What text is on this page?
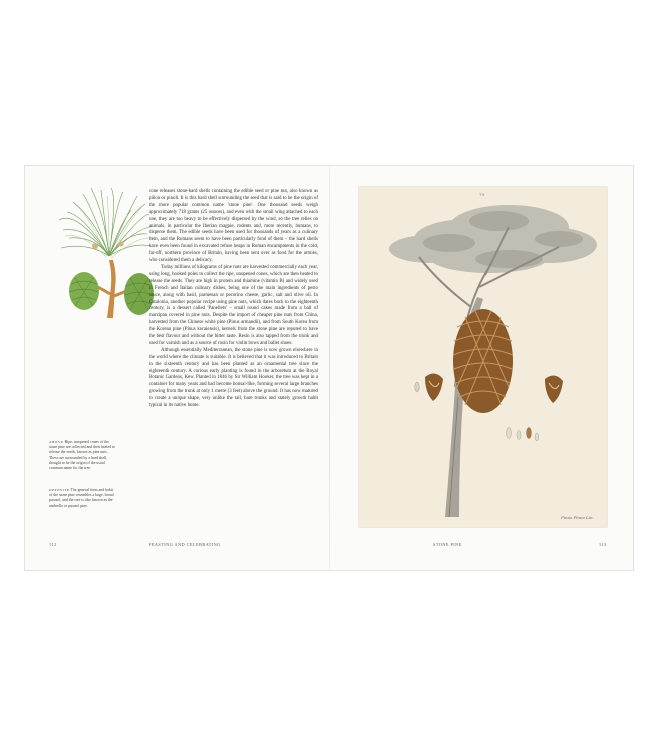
cone releases stone-hard shells containing the edible seed or pine nut, also known as piñon or pinoli. It is this hard shell surrounding the seed that is said to be the origin of the more popular common name 'stone pine'. One thousand seeds weigh approximately 718 grams (25 ounces), and even with the small wing attached to each one, they are too heavy to be effectively dispersed by the wind, so the tree relies on animals, in particular the Iberian magpie, rodents and, more recently, humans, to disperse them. The edible seeds have been used for thousands of years as a culinary item, and the Romans seem to have been particularly fond of them – the hard shells have even been found in excavated refuse heaps in Roman encampments in the cold, far-off, northern province of Britain, having been sent over as food for the armies, who considered them a delicacy.

Today millions of kilograms of pine nuts are harvested commercially each year, using long, hooked poles to collect the ripe, unopened cones, which are then heated to release the seeds. They are high in protein and thiamine (vitamin B) and widely used in French and Italian culinary dishes, being one of the main ingredients of pesto sauce, along with basil, parmesan or pecorino cheese, garlic, salt and olive oil. In Catalonia, another popular recipe using pine nuts, which dates back to the eighteenth century, is a dessert called 'Panellets' – small round cakes made from a ball of marzipan covered in pine nuts. Despite the import of cheaper pine nuts from China, harvested from the Chinese white pine (Pinus armandii), and from South Korea from the Korean pine (Pinus koraiensis), kernels from the stone pine are reputed to have the best flavour and without the bitter taste. Resin is also tapped from the trunk and used for varnish and as a source of rosin for violin bows and ballet shoes.

Although essentially Mediterranean, the stone pine is now grown elsewhere in the world where the climate is suitable. It is believed that it was introduced to Britain in the sixteenth century and has been planted as an ornamental tree since the eighteenth century. A curious early planting is found in the arboretum at the Royal Botanic Gardens, Kew. Planted in 1846 by Sir William Hooker, the tree was kept in a container for many years and had become bonsai-like, forming several large branches growing from the trunk at only 1 metre (3 feet) above the ground. It has now matured to create a unique shape, very unlike the tall, bare trunks and stately growth habit typical in its native home.

ABOVE Ripe, unopened cones of the stone pine are collected and then heated to release the seeds, known as pine nuts. These are surrounded by a hard shell, thought to be the origin of the usual common name for the tree.

OPPOSITE The general form and habit of the stone pine resembles a large, broad parasol, and the tree is also known as the umbrella or parasol pine.

112	FEASTING AND CELEBRATING
79
Pinus Pinea Lin.
STONE PINE	113
